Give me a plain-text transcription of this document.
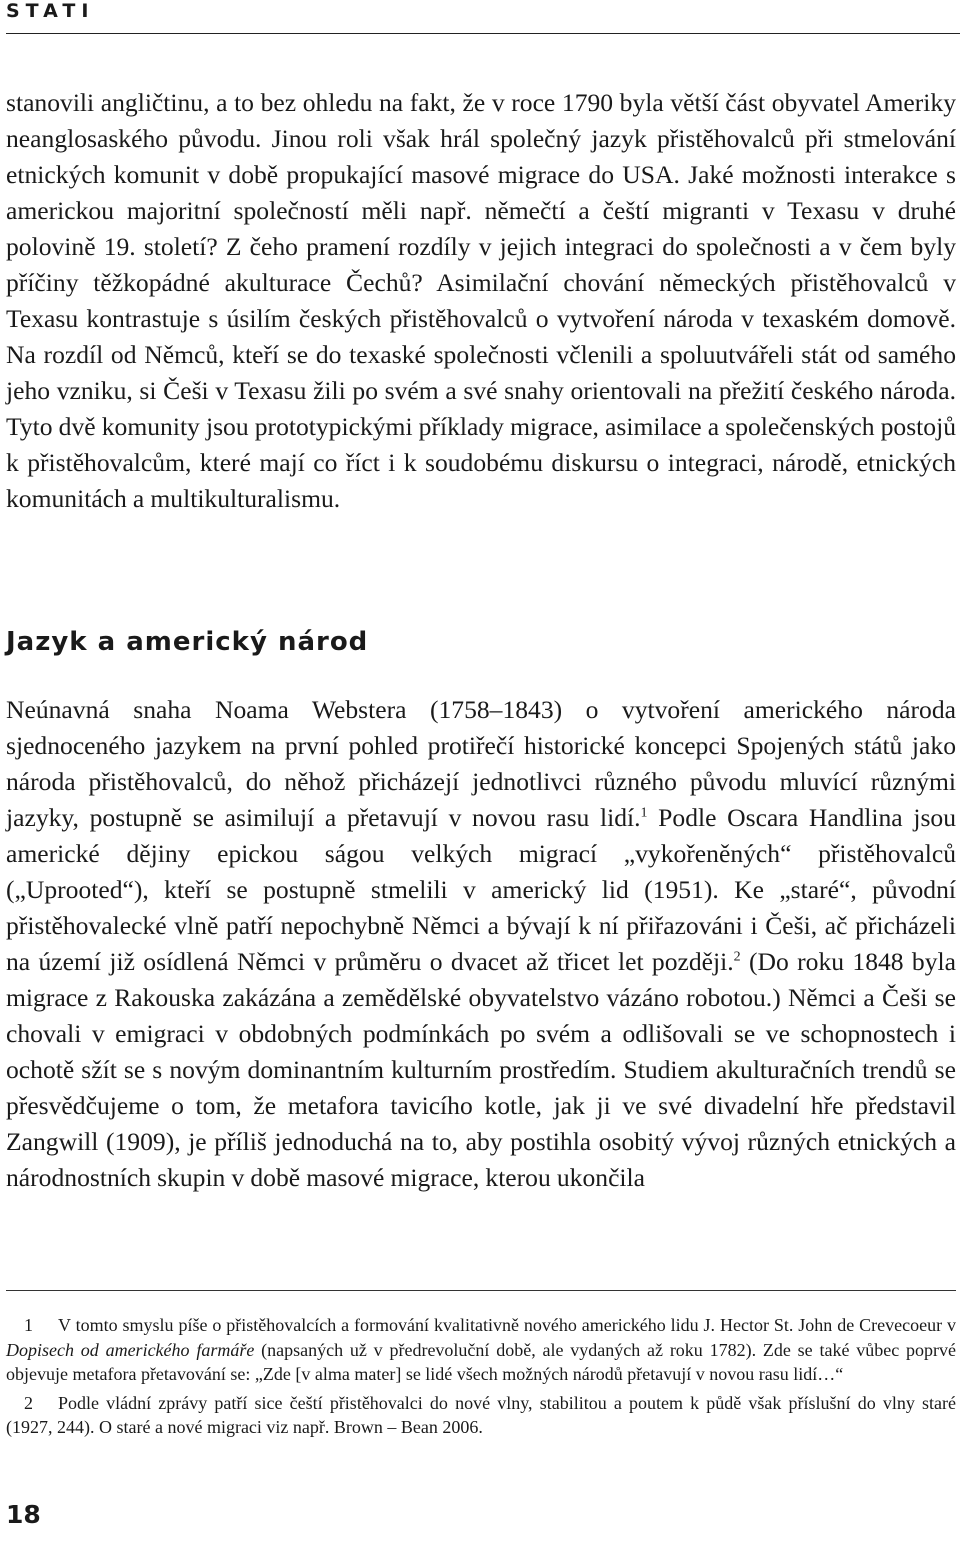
STATI

stanovili angličtinu, a to bez ohledu na fakt, že v roce 1790 byla větší část obyvatel Ameriky neanglosaského původu. Jinou roli však hrál společný jazyk přistěhovalců při stmelování etnických komunit v době propukající masové migrace do USA. Jaké možnosti interakce s americkou majoritní společností měli např. němečtí a čeští migranti v Texasu v druhé polovině 19. století? Z čeho pramení rozdíly v jejich integraci do společnosti a v čem byly příčiny těžkopádné akulturace Čechů? Asimilační chování německých přistěhovalců v Texasu kontrastuje s úsilím českých přistěhovalců o vytvoření národa v texaském domově. Na rozdíl od Němců, kteří se do texaské společnosti včlenili a spoluutvářeli stát od samého jeho vzniku, si Češi v Texasu žili po svém a své snahy orientovali na přežití českého národa. Tyto dvě komunity jsou prototypickými příklady migrace, asimilace a společenských postojů k přistěhovalcům, které mají co říct i k soudobému diskursu o integraci, národě, etnických komunitách a multikulturalismu.

Jazyk a americký národ

Neúnavná snaha Noama Webstera (1758–1843) o vytvoření amerického národa sjednoceného jazykem na první pohled protiřečí historické koncepci Spojených států jako národa přistěhovalců, do něhož přicházejí jednotlivci různého původu mluvící různými jazyky, postupně se asimilují a přetavují v novou rasu lidí.$^1$ Podle Oscara Handlina jsou americké dějiny epickou ságou velkých migrací „vykořeněných“ přistěhovalců („Uprooted“), kteří se postupně stmelili v americký lid (1951). Ke „staré“, původní přistěhovalecké vlně patří nepochybně Němci a bývají k ní přiřazováni i Češi, ač přicházeli na území již osídlená Němci v průměru o dvacet až třicet let později.$^2$ (Do roku 1848 byla migrace z Rakouska zakázána a zemědělské obyvatelstvo vázáno robotou.) Němci a Češi se chovali v emigraci v obdobných podmínkách po svém a odlišovali se ve schopnostech i ochotě sžít se s novým dominantním kulturním prostředím. Studiem akulturačních trendů se přesvědčujeme o tom, že metafora tavicího kotle, jak ji ve své divadelní hře představil Zangwill (1909), je příliš jednoduchá na to, aby postihla osobitý vývoj různých etnických a národnostních skupin v době masové migrace, kterou ukončila

1 V tomto smyslu píše o přistěhovalcích a formování kvalitativně nového amerického lidu J. Hector St. John de Crevecoeur v Dopisech od amerického farmáře (napsaných už v předrevoluční době, ale vydaných až roku 1782). Zde se také vůbec poprvé objevuje metafora přetavování se: „Zde [v alma mater] se lidé všech možných národů přetavují v novou rasu lidí…“

2 Podle vládní zprávy patří sice čeští přistěhovalci do nové vlny, stabilitou a poutem k půdě však příslušní do vlny staré (1927, 244). O staré a nové migraci viz např. Brown – Bean 2006.

18
